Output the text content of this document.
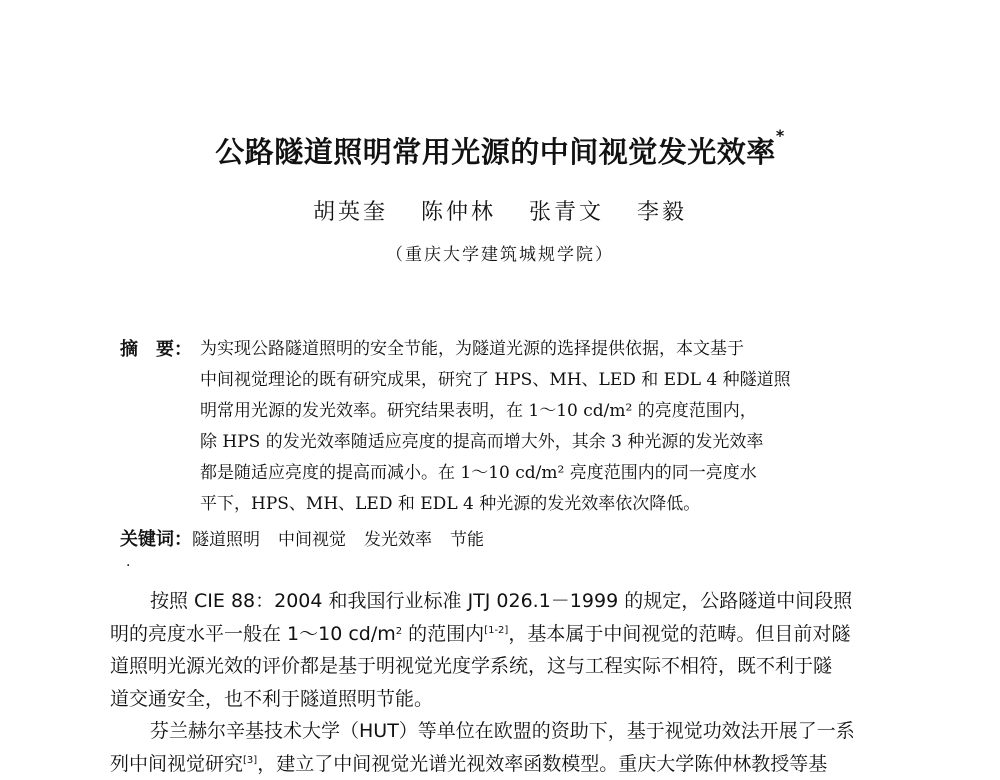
公路隧道照明常用光源的中间视觉发光效率*
胡英奎 陈仲林 张青文 李毅
（重庆大学建筑城规学院）
摘　要： 为实现公路隧道照明的安全节能，为隧道光源的选择提供依据，本文基于
中间视觉理论的既有研究成果，研究了 HPS、MH、LED 和 EDL 4 种隧道照
明常用光源的发光效率。研究结果表明，在 1～10 cd/m² 的亮度范围内，
除 HPS 的发光效率随适应亮度的提高而增大外，其余 3 种光源的发光效率
都是随适应亮度的提高而减小。在 1～10 cd/m² 亮度范围内的同一亮度水
平下，HPS、MH、LED 和 EDL 4 种光源的发光效率依次降低。
关键词：隧道照明 中间视觉 发光效率 节能
·
按照 CIE 88：2004 和我国行业标准 JTJ 026.1－1999 的规定，公路隧道中间段照
明的亮度水平一般在 1～10 $cd/m^2$ 的范围内[1-2]，基本属于中间视觉的范畴。但目前对隧
道照明光源光效的评价都是基于明视觉光度学系统，这与工程实际不相符，既不利于隧
道交通安全，也不利于隧道照明节能。
芬兰赫尔辛基技术大学（HUT）等单位在欧盟的资助下，基于视觉功效法开展了一系
列中间视觉研究[3]，建立了中间视觉光谱光视效率函数模型。重庆大学陈仲林教授等基
